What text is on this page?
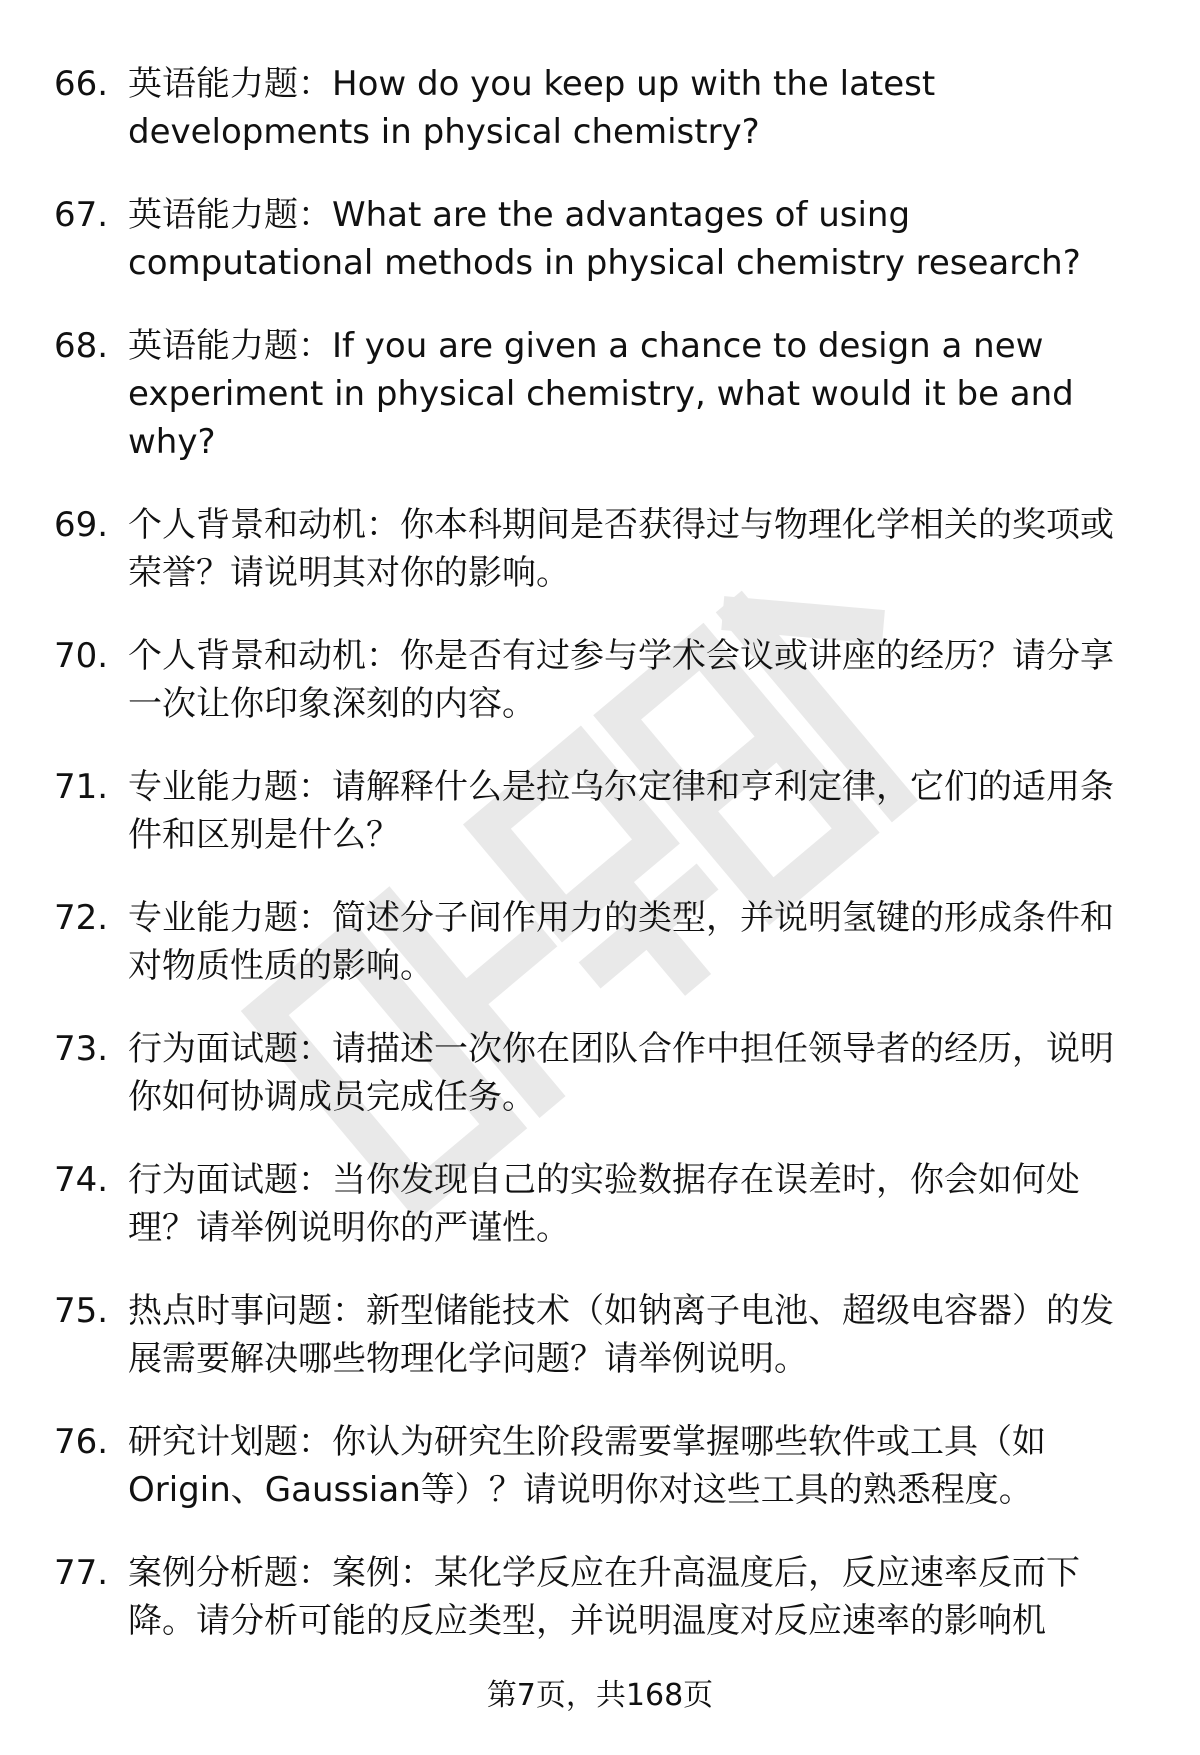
66. 英语能力题：How do you keep up with the latest developments in physical chemistry?
67. 英语能力题：What are the advantages of using computational methods in physical chemistry research?
68. 英语能力题：If you are given a chance to design a new experiment in physical chemistry, what would it be and why?
69. 个人背景和动机：你本科期间是否获得过与物理化学相关的奖项或荣誉？请说明其对你的影响。
70. 个人背景和动机：你是否有过参与学术会议或讲座的经历？请分享一次让你印象深刻的内容。
71. 专业能力题：请解释什么是拉乌尔定律和亨利定律，它们的适用条件和区别是什么？
72. 专业能力题：简述分子间作用力的类型，并说明氢键的形成条件和对物质性质的影响。
73. 行为面试题：请描述一次你在团队合作中担任领导者的经历，说明你如何协调成员完成任务。
74. 行为面试题：当你发现自己的实验数据存在误差时，你会如何处理？请举例说明你的严谨性。
75. 热点时事问题：新型储能技术（如钠离子电池、超级电容器）的发展需要解决哪些物理化学问题？请举例说明。
76. 研究计划题：你认为研究生阶段需要掌握哪些软件或工具（如Origin、Gaussian等）？请说明你对这些工具的熟悉程度。
77. 案例分析题：案例：某化学反应在升高温度后，反应速率反而下降。请分析可能的反应类型，并说明温度对反应速率的影响机
第7页，共168页
